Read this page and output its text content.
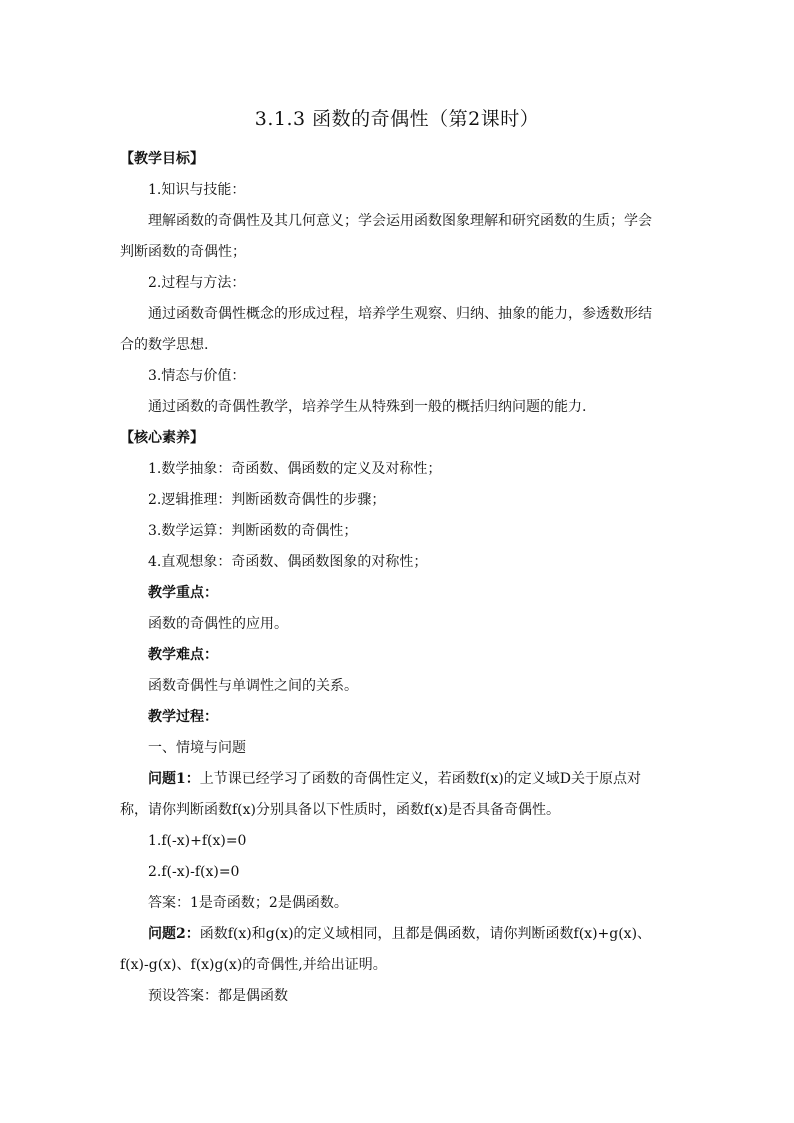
3.1.3 函数的奇偶性（第2课时）
【教学目标】
1.知识与技能：
理解函数的奇偶性及其几何意义；学会运用函数图象理解和研究函数的生质；学会
判断函数的奇偶性；
2.过程与方法：
通过函数奇偶性概念的形成过程，培养学生观察、归纳、抽象的能力，参透数形结
合的数学思想.
3.情态与价值：
通过函数的奇偶性教学，培养学生从特殊到一般的概括归纳问题的能力.
【核心素养】
1.数学抽象：奇函数、偶函数的定义及对称性；
2.逻辑推理：判断函数奇偶性的步骤；
3.数学运算：判断函数的奇偶性；
4.直观想象：奇函数、偶函数图象的对称性；
教学重点：
函数的奇偶性的应用。
教学难点：
函数奇偶性与单调性之间的关系。
教学过程：
一、情境与问题
问题1：上节课已经学习了函数的奇偶性定义，若函数f(x)的定义域D关于原点对
称，请你判断函数f(x)分别具备以下性质时，函数f(x)是否具备奇偶性。
1.f(-x)+f(x)=0
2.f(-x)-f(x)=0
答案：1是奇函数；2是偶函数。
问题2：函数f(x)和g(x)的定义域相同，且都是偶函数，请你判断函数f(x)+g(x)、
f(x)-g(x)、f(x)g(x)的奇偶性,并给出证明。
预设答案：都是偶函数
